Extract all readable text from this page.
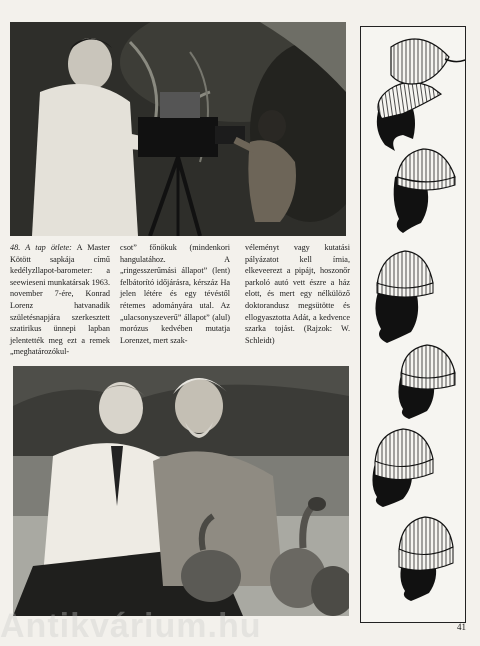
48. A tap ötlete: A Master Kötött sapkája című kedélyzllapot-barometer: a seewieseni munkatársak 1963. november 7-ére, Konrad Lorenz hatvanadik születésnapjára szerkesztett szatirikus ünnepi lapban jelentették meg ezt a remek „meghatározókul-
csot” főnökuk (mindenkori hangulatához. A „ringesszerűmási állapot” (lent) felbátorító időjárásra, kérszáz Ha jelen létére és egy tévéstől rétemes adományára utal. Az „ulacsonyszeverű” állapot” (alul) morózus kedvében mutatja Lorenzet, mert szak-
véleményt vagy kutatási pályázatot kell írnia, elkeveerezt a pipájt, hoszonőr parkoló autó vett észre a ház elott, és mert egy nélkülöző doktorandusz megsütötte és ellogyasztotta Adát, a kedvence szarka tojást. (Rajzok: W. Schleidt)
41
Antikvárium.hu
